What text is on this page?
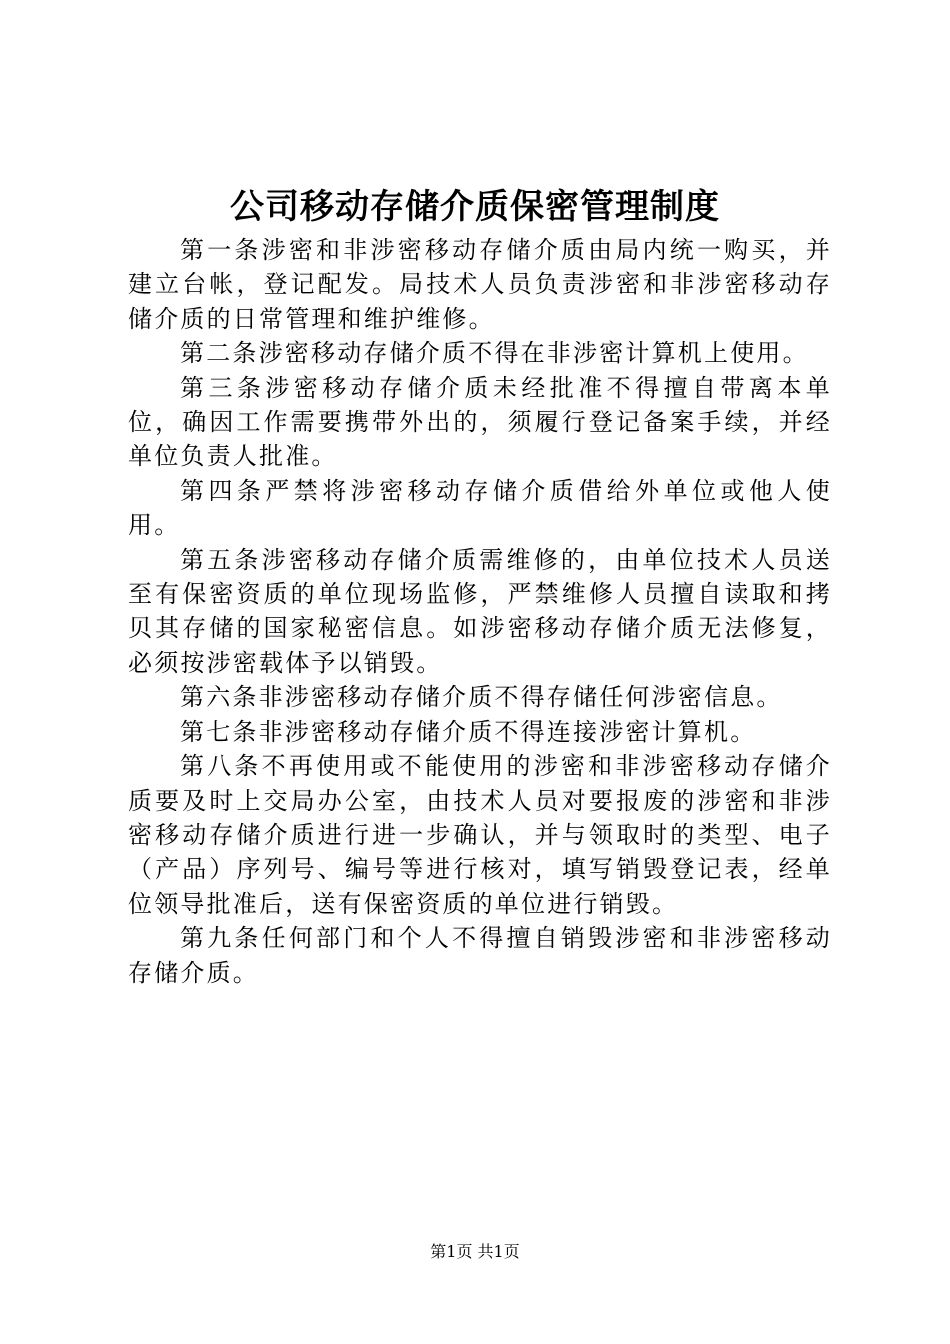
公司移动存储介质保密管理制度

第一条涉密和非涉密移动存储介质由局内统一购买，并建立台帐，登记配发。局技术人员负责涉密和非涉密移动存储介质的日常管理和维护维修。

第二条涉密移动存储介质不得在非涉密计算机上使用。

第三条涉密移动存储介质未经批准不得擅自带离本单位，确因工作需要携带外出的，须履行登记备案手续，并经单位负责人批准。

第四条严禁将涉密移动存储介质借给外单位或他人使用。

第五条涉密移动存储介质需维修的，由单位技术人员送至有保密资质的单位现场监修，严禁维修人员擅自读取和拷贝其存储的国家秘密信息。如涉密移动存储介质无法修复，必须按涉密载体予以销毁。

第六条非涉密移动存储介质不得存储任何涉密信息。

第七条非涉密移动存储介质不得连接涉密计算机。

第八条不再使用或不能使用的涉密和非涉密移动存储介质要及时上交局办公室，由技术人员对要报废的涉密和非涉密移动存储介质进行进一步确认，并与领取时的类型、电子（产品）序列号、编号等进行核对，填写销毁登记表，经单位领导批准后，送有保密资质的单位进行销毁。

第九条任何部门和个人不得擅自销毁涉密和非涉密移动存储介质。

第1页 共1页
